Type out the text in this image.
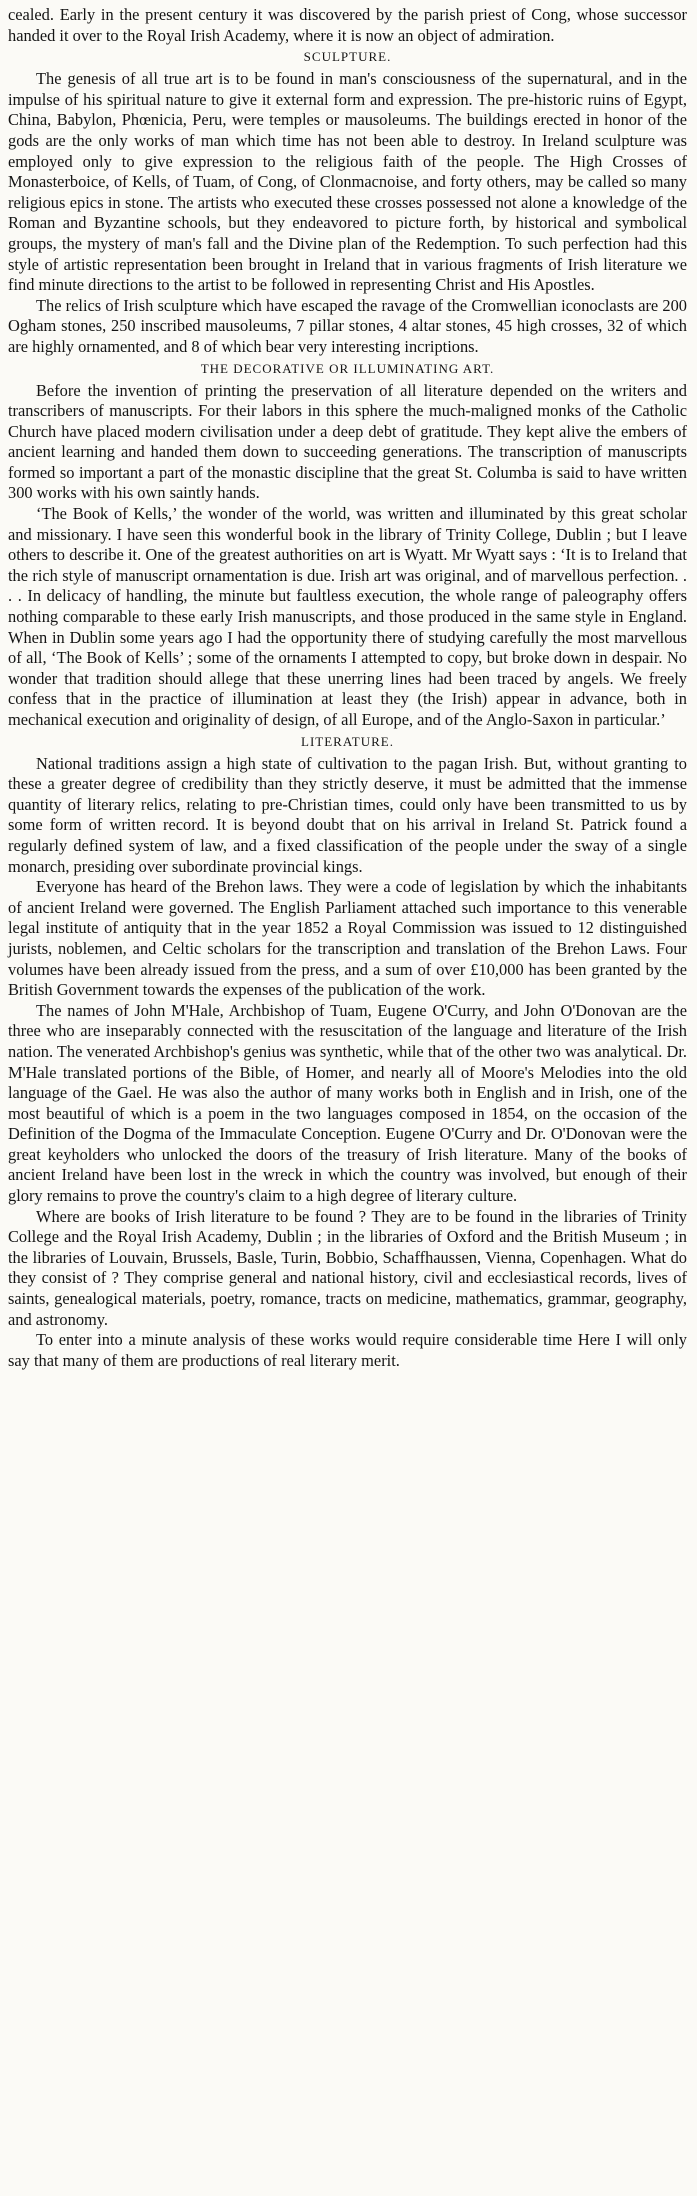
cealed. Early in the present century it was discovered by the parish priest of Cong, whose successor handed it over to the Royal Irish Academy, where it is now an object of admiration.

SCULPTURE.

The genesis of all true art is to be found in man's consciousness of the supernatural, and in the impulse of his spiritual nature to give it external form and expression. The pre-historic ruins of Egypt, China, Babylon, Phœnicia, Peru, were temples or mausoleums. The buildings erected in honor of the gods are the only works of man which time has not been able to destroy. In Ireland sculpture was employed only to give expression to the religious faith of the people. The High Crosses of Monasterboice, of Kells, of Tuam, of Cong, of Clonmacnoise, and forty others, may be called so many religious epics in stone. The artists who executed these crosses possessed not alone a knowledge of the Roman and Byzantine schools, but they endeavored to picture forth, by historical and symbolical groups, the mystery of man's fall and the Divine plan of the Redemption. To such perfection had this style of artistic representation been brought in Ireland that in various fragments of Irish literature we find minute directions to the artist to be followed in representing Christ and His Apostles.

The relics of Irish sculpture which have escaped the ravage of the Cromwellian iconoclasts are 200 Ogham stones, 250 inscribed mausoleums, 7 pillar stones, 4 altar stones, 45 high crosses, 32 of which are highly ornamented, and 8 of which bear very interesting incriptions.

THE DECORATIVE OR ILLUMINATING ART.

Before the invention of printing the preservation of all literature depended on the writers and transcribers of manuscripts. For their labors in this sphere the much-maligned monks of the Catholic Church have placed modern civilisation under a deep debt of gratitude. They kept alive the embers of ancient learning and handed them down to succeeding generations. The transcription of manuscripts formed so important a part of the monastic discipline that the great St. Columba is said to have written 300 works with his own saintly hands.

‘The Book of Kells,’ the wonder of the world, was written and illuminated by this great scholar and missionary. I have seen this wonderful book in the library of Trinity College, Dublin ; but I leave others to describe it. One of the greatest authorities on art is Wyatt. Mr Wyatt says : ‘It is to Ireland that the rich style of manuscript ornamentation is due. Irish art was original, and of marvellous perfection. . . . In delicacy of handling, the minute but faultless execution, the whole range of paleography offers nothing comparable to these early Irish manuscripts, and those produced in the same style in England. When in Dublin some years ago I had the opportunity there of studying carefully the most marvellous of all, ‘The Book of Kells’ ; some of the ornaments I attempted to copy, but broke down in despair. No wonder that tradition should allege that these unerring lines had been traced by angels. We freely confess that in the practice of illumination at least they (the Irish) appear in advance, both in mechanical execution and originality of design, of all Europe, and of the Anglo-Saxon in particular.’

LITERATURE.

National traditions assign a high state of cultivation to the pagan Irish. But, without granting to these a greater degree of credibility than they strictly deserve, it must be admitted that the immense quantity of literary relics, relating to pre-Christian times, could only have been transmitted to us by some form of written record. It is beyond doubt that on his arrival in Ireland St. Patrick found a regularly defined system of law, and a fixed classification of the people under the sway of a single monarch, presiding over subordinate provincial kings.

Everyone has heard of the Brehon laws. They were a code of legislation by which the inhabitants of ancient Ireland were governed. The English Parliament attached such importance to this venerable legal institute of antiquity that in the year 1852 a Royal Commission was issued to 12 distinguished jurists, noblemen, and Celtic scholars for the transcription and translation of the Brehon Laws. Four volumes have been already issued from the press, and a sum of over £10,000 has been granted by the British Government towards the expenses of the publication of the work.

The names of John M'Hale, Archbishop of Tuam, Eugene O'Curry, and John O'Donovan are the three who are inseparably connected with the resuscitation of the language and literature of the Irish nation. The venerated Archbishop's genius was synthetic, while that of the other two was analytical. Dr. M'Hale translated portions of the Bible, of Homer, and nearly all of Moore's Melodies into the old language of the Gael. He was also the author of many works both in English and in Irish, one of the most beautiful of which is a poem in the two languages composed in 1854, on the occasion of the Definition of the Dogma of the Immaculate Conception. Eugene O'Curry and Dr. O'Donovan were the great keyholders who unlocked the doors of the treasury of Irish literature. Many of the books of ancient Ireland have been lost in the wreck in which the country was involved, but enough of their glory remains to prove the country's claim to a high degree of literary culture.

Where are books of Irish literature to be found ? They are to be found in the libraries of Trinity College and the Royal Irish Academy, Dublin ; in the libraries of Oxford and the British Museum ; in the libraries of Louvain, Brussels, Basle, Turin, Bobbio, Schaffhaussen, Vienna, Copenhagen. What do they consist of ? They comprise general and national history, civil and ecclesiastical records, lives of saints, genealogical materials, poetry, romance, tracts on medicine, mathematics, grammar, geography, and astronomy.

To enter into a minute analysis of these works would require considerable time Here I will only say that many of them are productions of real literary merit.
